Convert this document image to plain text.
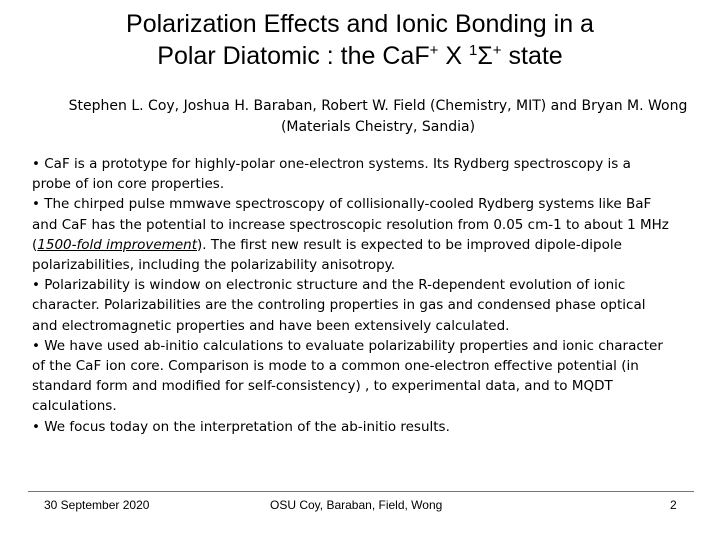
Polarization Effects and Ionic Bonding in a
Polar Diatomic : the CaF+ X $^1$Σ+ state
Stephen L. Coy, Joshua H. Baraban, Robert W. Field (Chemistry, MIT) and Bryan M. Wong (Materials Cheistry, Sandia)

• CaF is a prototype for highly-polar one-electron systems. Its Rydberg spectroscopy is a probe of ion core properties.

• The chirped pulse mmwave spectroscopy of collisionally-cooled Rydberg systems like BaF and CaF has the potential to increase spectroscopic resolution from 0.05 cm-1 to about 1 MHz (1500-fold improvement). The first new result is expected to be improved dipole-dipole polarizabilities, including the polarizability anisotropy.

• Polarizability is window on electronic structure and the R-dependent evolution of ionic character. Polarizabilities are the controling properties in gas and condensed phase optical and electromagnetic properties and have been extensively calculated.

• We have used ab-initio calculations to evaluate polarizability properties and ionic character of the CaF ion core. Comparison is mode to a common one-electron effective potential (in standard form and modified for self-consistency) , to experimental data, and to MQDT calculations.

• We focus today on the interpretation of the ab-initio results.

30 September 2020	OSU Coy, Baraban, Field, Wong	2
